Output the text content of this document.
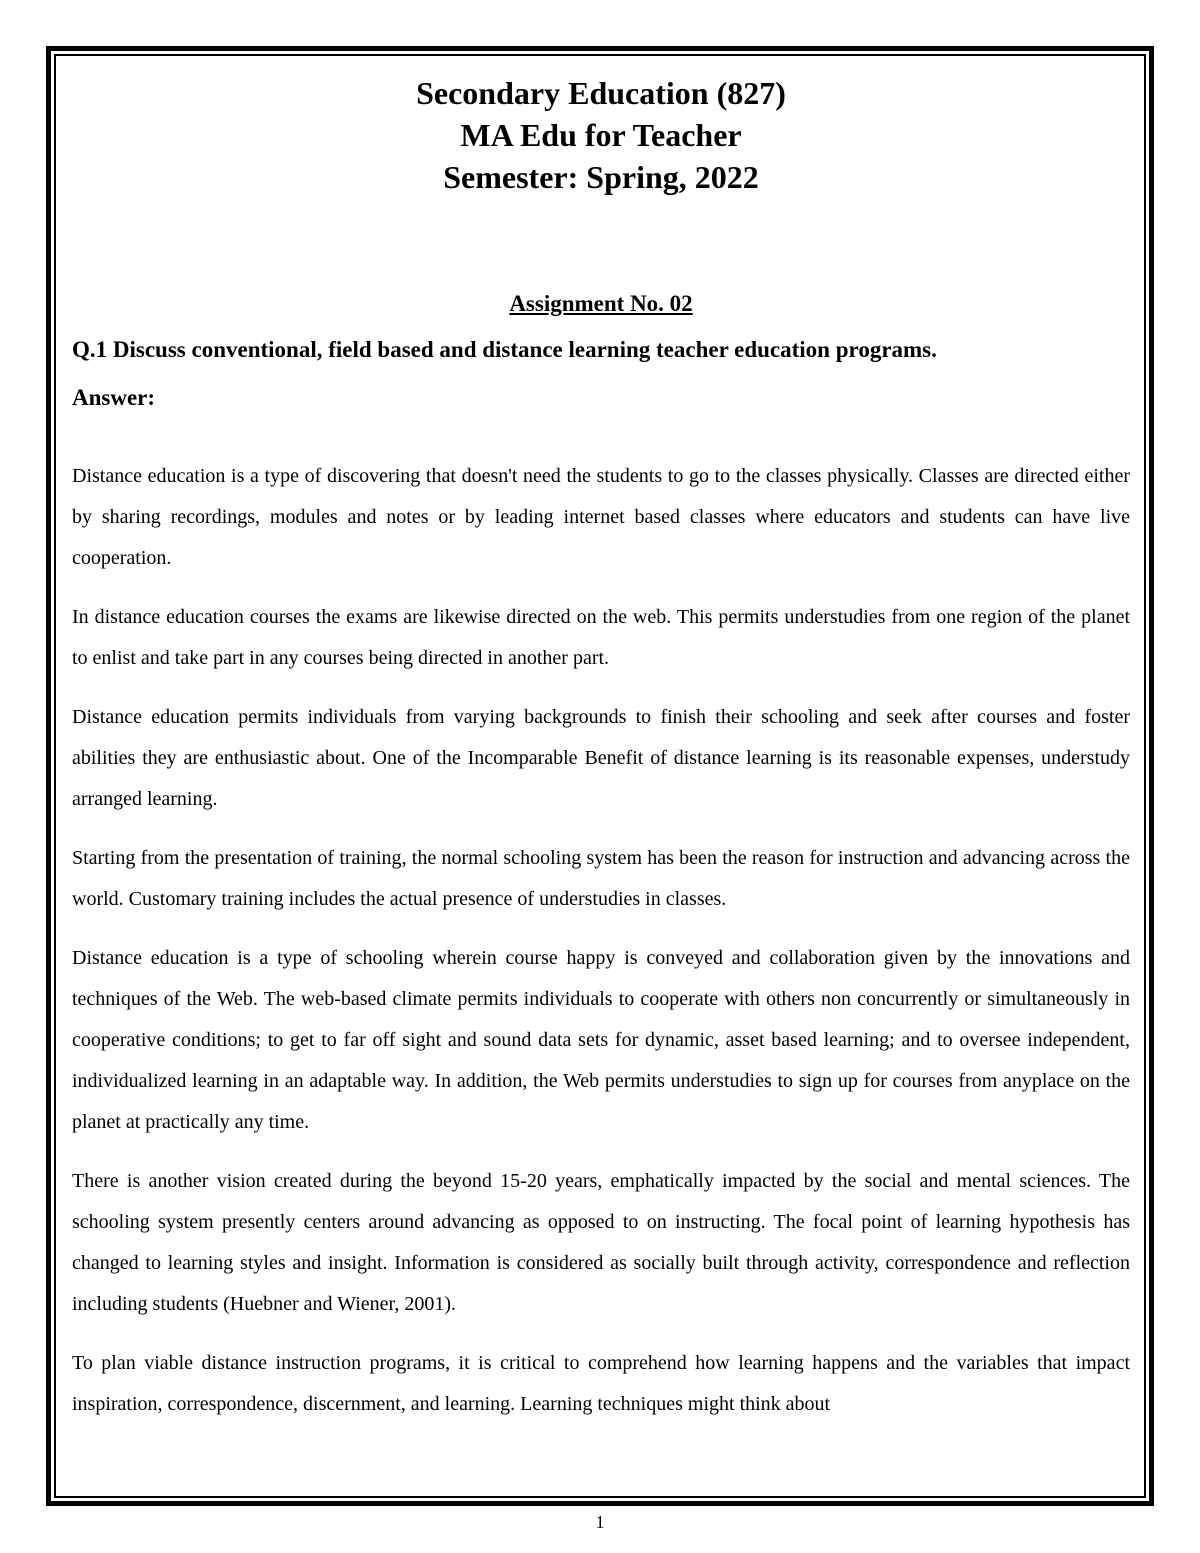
Secondary Education (827)
MA Edu for Teacher
Semester: Spring, 2022
Assignment No. 02
Q.1 Discuss conventional, field based and distance learning teacher education programs.
Answer:

Distance education is a type of discovering that doesn't need the students to go to the classes physically. Classes are directed either by sharing recordings, modules and notes or by leading internet based classes where educators and students can have live cooperation.

In distance education courses the exams are likewise directed on the web. This permits understudies from one region of the planet to enlist and take part in any courses being directed in another part.

Distance education permits individuals from varying backgrounds to finish their schooling and seek after courses and foster abilities they are enthusiastic about. One of the Incomparable Benefit of distance learning is its reasonable expenses, understudy arranged learning.

Starting from the presentation of training, the normal schooling system has been the reason for instruction and advancing across the world. Customary training includes the actual presence of understudies in classes.

Distance education is a type of schooling wherein course happy is conveyed and collaboration given by the innovations and techniques of the Web. The web-based climate permits individuals to cooperate with others non concurrently or simultaneously in cooperative conditions; to get to far off sight and sound data sets for dynamic, asset based learning; and to oversee independent, individualized learning in an adaptable way. In addition, the Web permits understudies to sign up for courses from anyplace on the planet at practically any time.

There is another vision created during the beyond 15-20 years, emphatically impacted by the social and mental sciences. The schooling system presently centers around advancing as opposed to on instructing. The focal point of learning hypothesis has changed to learning styles and insight. Information is considered as socially built through activity, correspondence and reflection including students (Huebner and Wiener, 2001).

To plan viable distance instruction programs, it is critical to comprehend how learning happens and the variables that impact inspiration, correspondence, discernment, and learning. Learning techniques might think about

1
